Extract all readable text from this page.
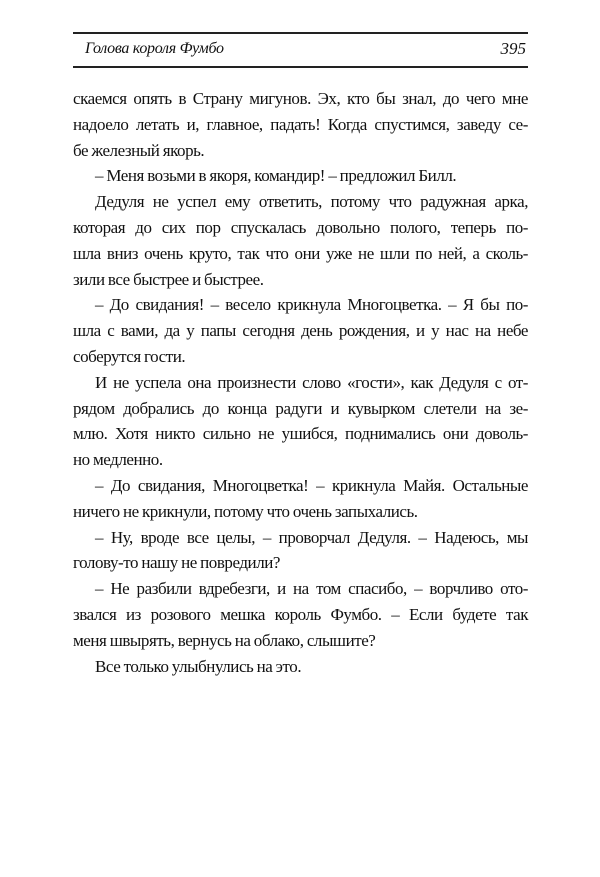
Голова короля Фумбо	395
скаемся опять в Страну мигунов. Эх, кто бы знал, до чего мне
надоело летать и, главное, падать! Когда спустимся, заведу се-
бе железный якорь.
– Меня возьми в якоря, командир! – предложил Билл.
Дедуля не успел ему ответить, потому что радужная арка,
которая до сих пор спускалась довольно полого, теперь по-
шла вниз очень круто, так что они уже не шли по ней, а сколь-
зили все быстрее и быстрее.
– До свидания! – весело крикнула Многоцветка. – Я бы по-
шла с вами, да у папы сегодня день рождения, и у нас на небе
соберутся гости.
И не успела она произнести слово «гости», как Дедуля с от-
рядом добрались до конца радуги и кувырком слетели на зе-
млю. Хотя никто сильно не ушибся, поднимались они доволь-
но медленно.
– До свидания, Многоцветка! – крикнула Майя. Остальные
ничего не крикнули, потому что очень запыхались.
– Ну, вроде все целы, – проворчал Дедуля. – Надеюсь, мы
голову-то нашу не повредили?
– Не разбили вдребезги, и на том спасибо, – ворчливо ото-
звался из розового мешка король Фумбо. – Если будете так
меня швырять, вернусь на облако, слышите?
Все только улыбнулись на это.
